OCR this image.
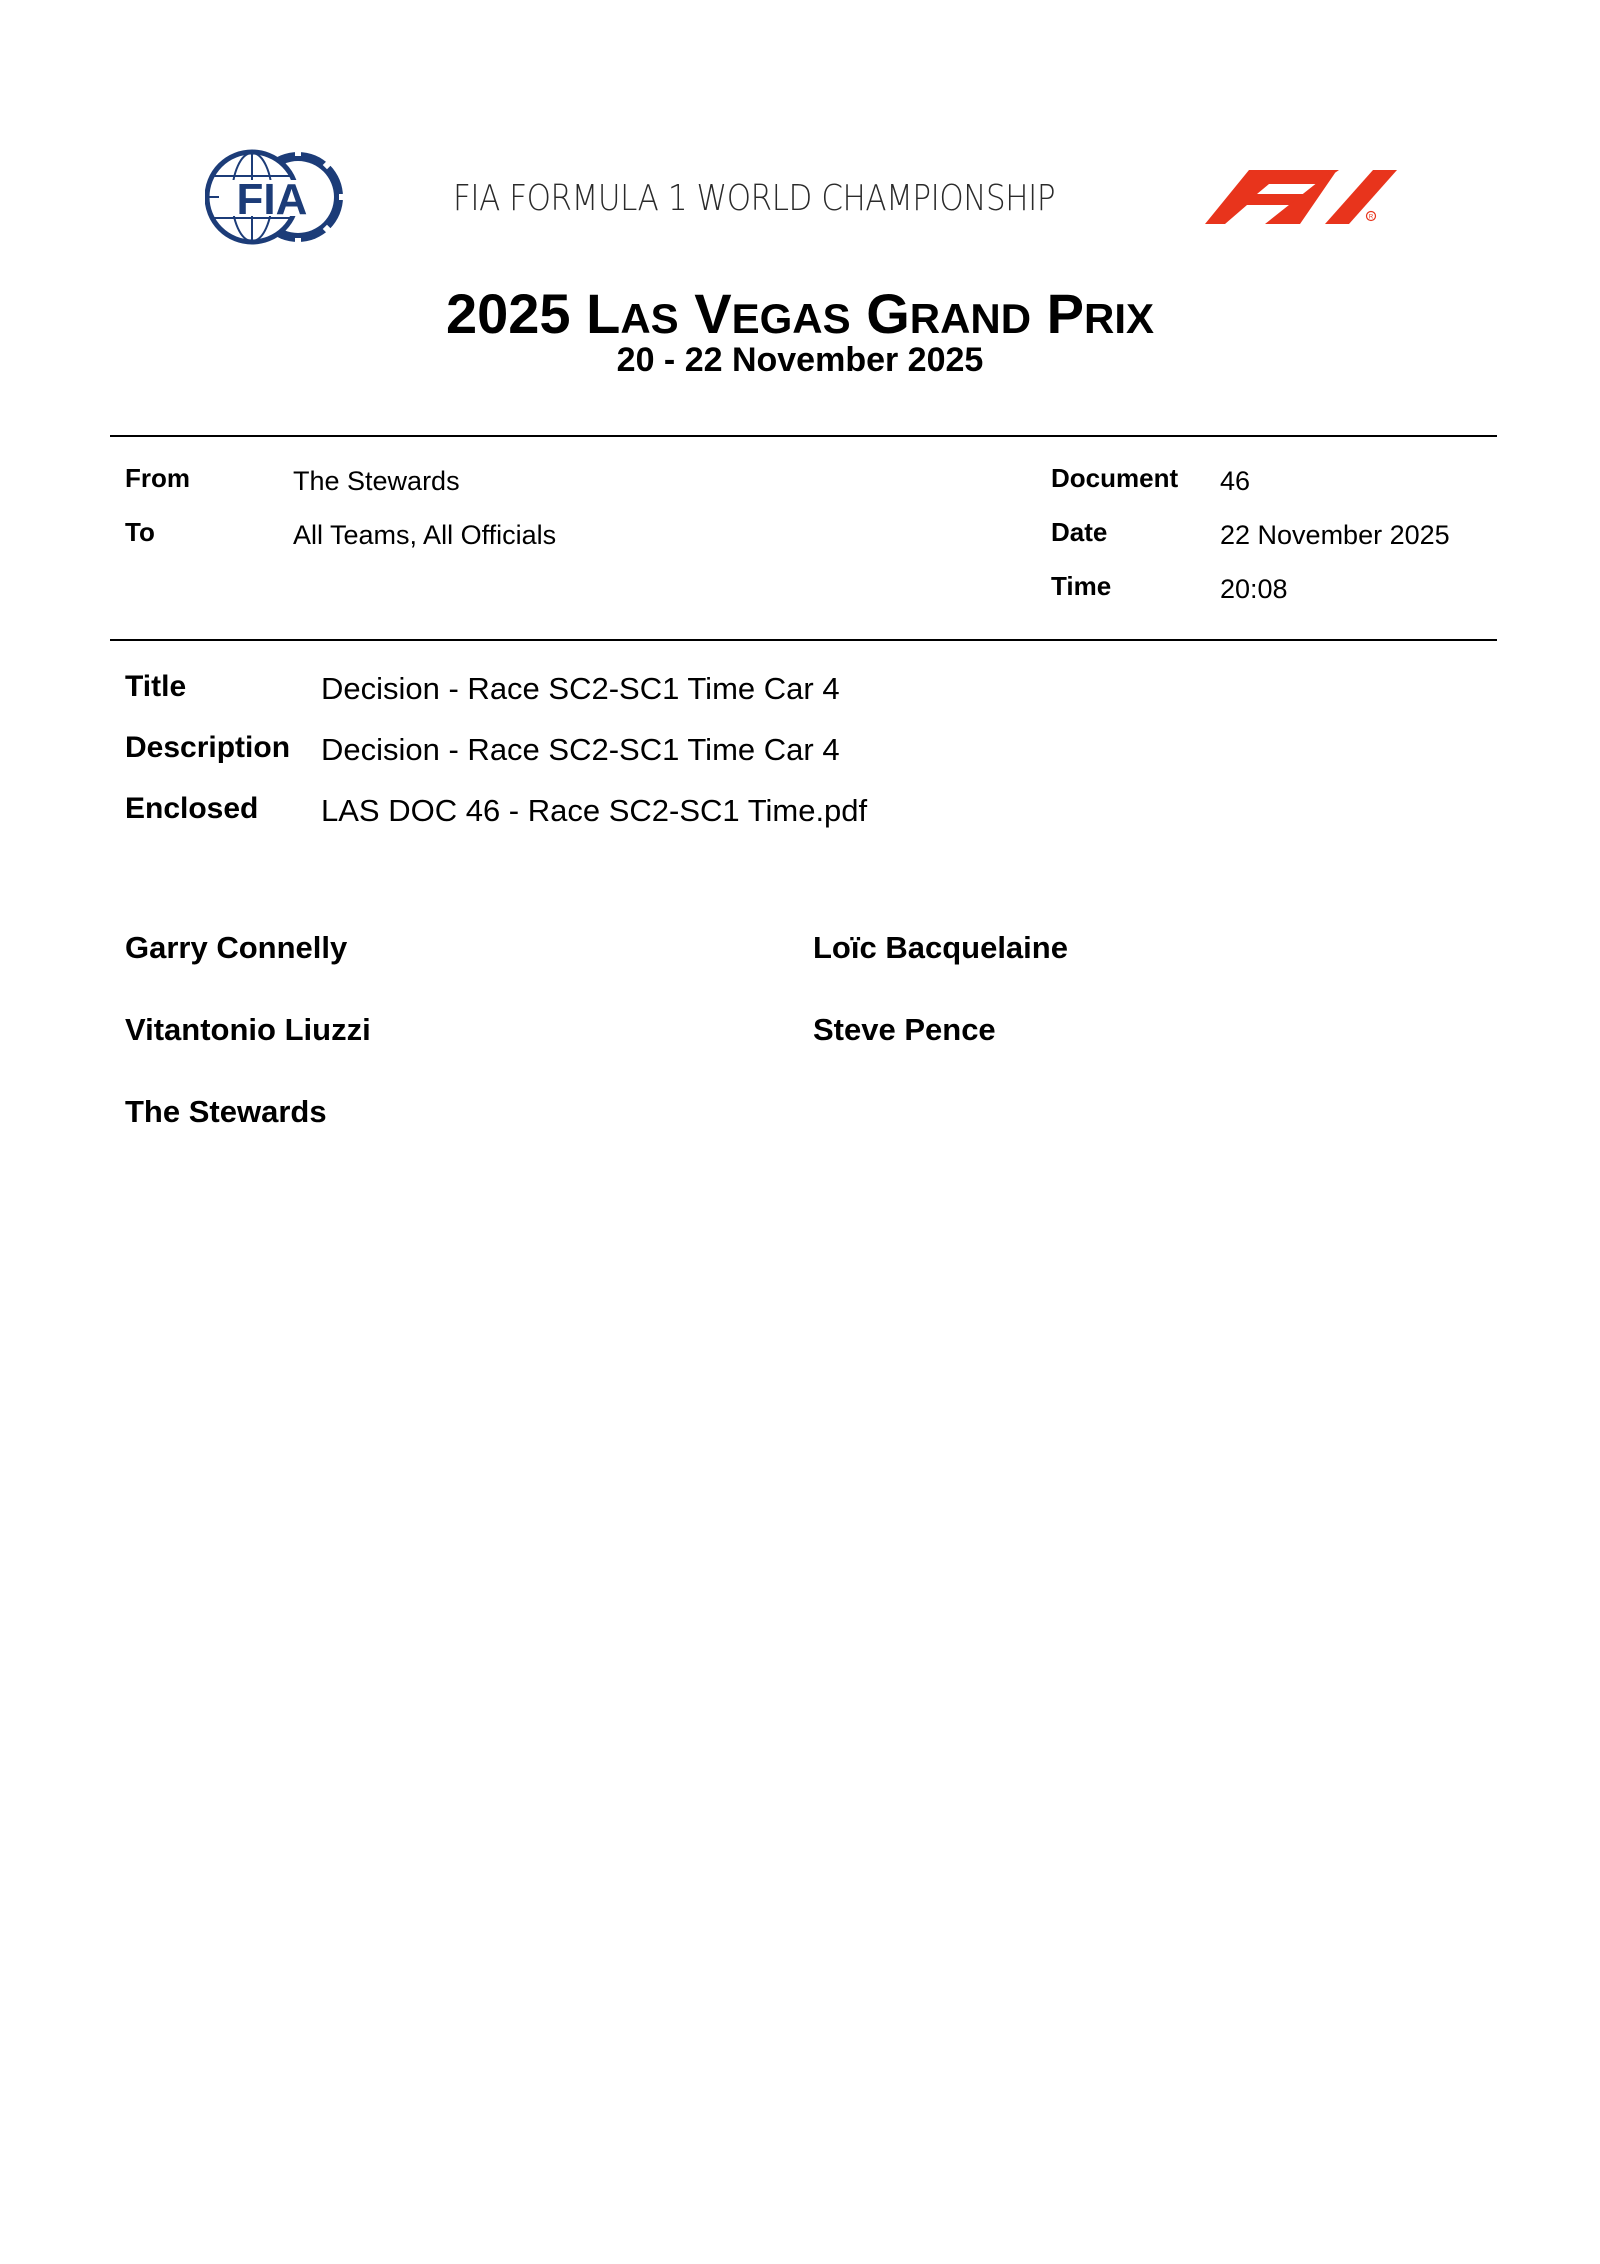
FIA	FIA FORMULA 1 WORLD CHAMPIONSHIP	R
2025 LAS VEGAS GRAND PRIX
20 - 22 November 2025
From	The Stewards
To	All Teams, All Officials
Document 46
Date	22 November 2025
Time	20:08
Title	Decision - Race SC2-SC1 Time Car 4
Description Decision - Race SC2-SC1 Time Car 4
Enclosed LAS DOC 46 - Race SC2-SC1 Time.pdf
Garry Connelly	Loïc Bacquelaine
Vitantonio Liuzzi	Steve Pence
The Stewards
